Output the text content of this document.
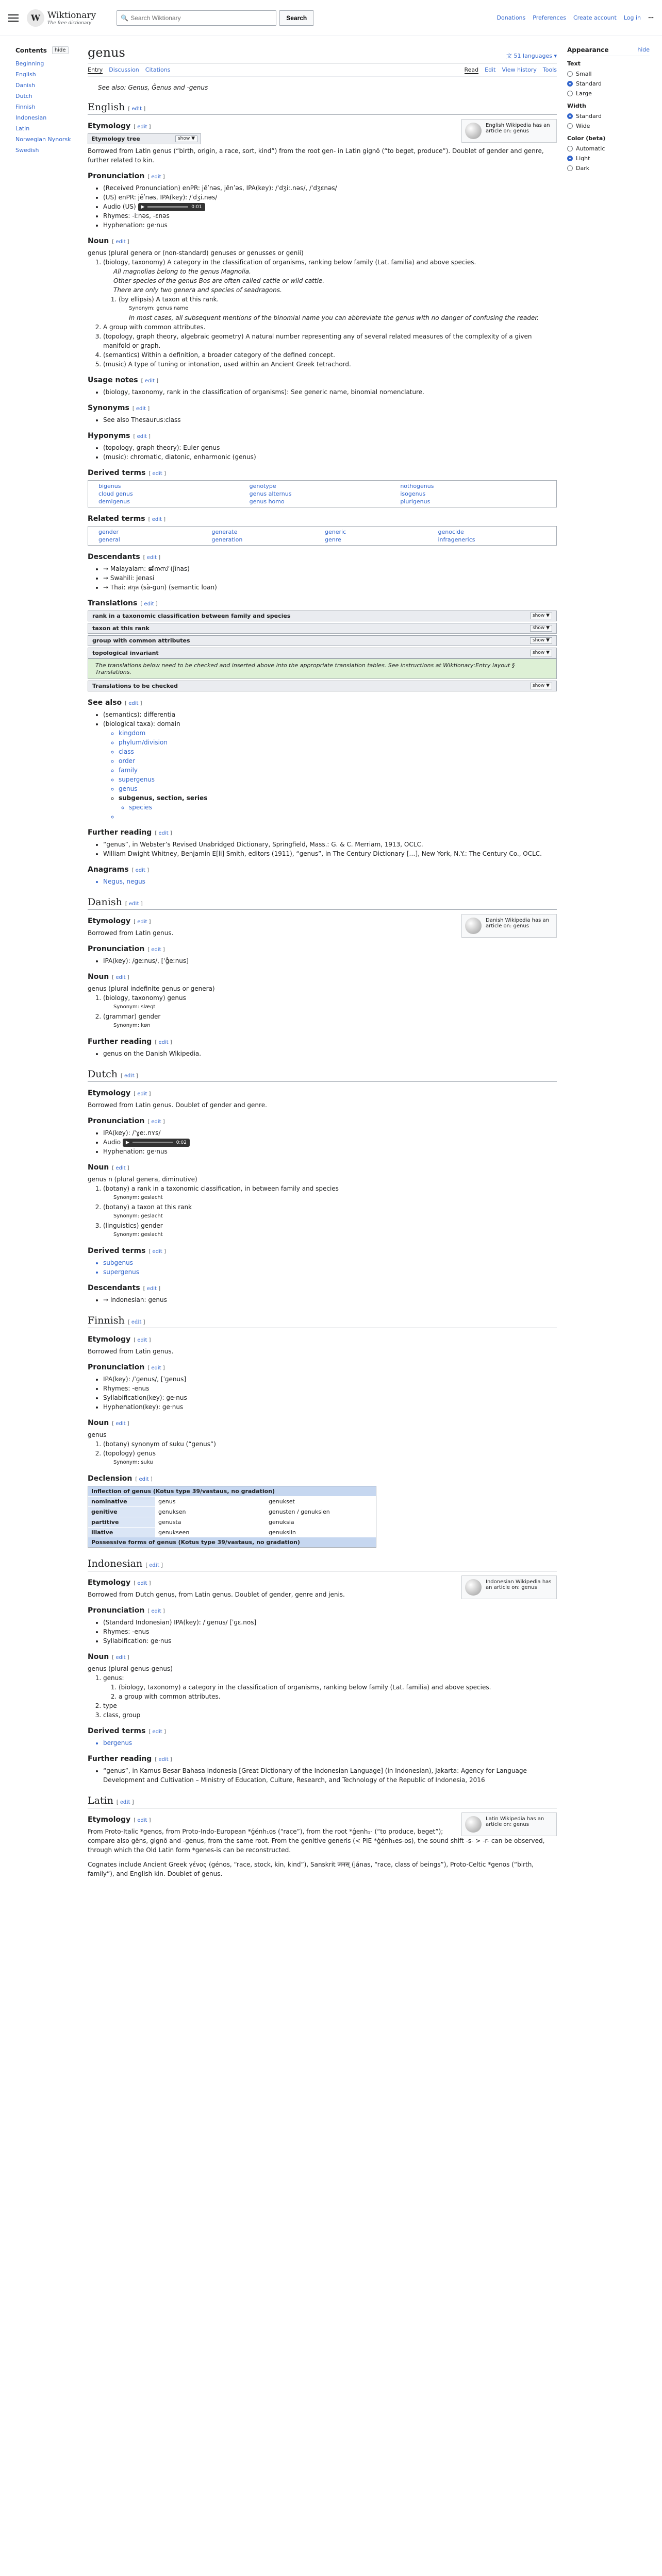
W Wiktionary
The free dictionary
🔍
Search Wiktionary	Search	Donations Preferences Create account Log in ⋯
Contents	hide
Beginning
English
Danish
Dutch
Finnish
Indonesian
Latin
Norwegian Nynorsk
Swedish
Appearance	hide
Text
Small
Standard
Large
Width
Standard
Wide
Color (beta)
Automatic
Light
Dark
genus	文 51 languages ▾
Entry Discussion Citations	Read Edit View history Tools
See also: Genus, Ĝenus and -genus
English [ edit ]
English Wikipedia has an article on: genus
Etymology [ edit ]
Etymology tree	show ▼

Borrowed from Latin genus (“birth, origin, a race, sort, kind”) from the root gen- in Latin gignō (“to beget, produce”). Doublet of gender and genre, further related to kin.

Pronunciation [ edit ]
• (Received Pronunciation) enPR: jēʹnəs, jĕnʹəs, IPA(key): /ˈdʒiː.nəs/, /ˈdʒɛnəs/
• (US) enPR: jēʹnəs, IPA(key): /ˈdʒi.nəs/
• Audio (US) ▶	0:01
• Rhymes: -iːnəs, -ɛnəs
• Hyphenation: ge‧nus
Noun [ edit ]

genus (plural genera or (non-standard) genuses or genusses or genii)

1. (biology, taxonomy) A category in the classification of organisms, ranking below family (Lat. familia) and above species.
All magnolias belong to the genus Magnolia.
Other species of the genus Bos are often called cattle or wild cattle.
There are only two genera and species of seadragons.
1. (by ellipsis) A taxon at this rank.
Synonym: genus name
In most cases, all subsequent mentions of the binomial name you can abbreviate the genus with no danger of confusing the reader.
2. A group with common attributes.
3. (topology, graph theory, algebraic geometry) A natural number representing any of several related measures of the complexity of a given manifold or graph.
4. (semantics) Within a definition, a broader category of the defined concept.
5. (music) A type of tuning or intonation, used within an Ancient Greek tetrachord.
Usage notes [ edit ]
• (biology, taxonomy, rank in the classification of organisms): See generic name, binomial nomenclature.
Synonyms [ edit ]
• See also Thesaurus:class
Hyponyms [ edit ]
• (topology, graph theory): Euler genus
• (music): chromatic, diatonic, enharmonic (genus)
Derived terms [ edit ]
bigenus	genotype	nothogenus
cloud genus	genus alternus	isogenus
demigenus	genus homo	plurigenus
Related terms [ edit ]
gender	generate	generic	genocide
general	generation	genre	infragenerics
Descendants [ edit ]
• → Malayalam: ജീനസ് (jīnas)
• → Swahili: jenasi
• → Thai: สกุล (sà-gun) (semantic loan)
Translations [ edit ]
rank in a taxonomic classification between family and species	show ▼
taxon at this rank	show ▼
group with common attributes	show ▼
topological invariant	show ▼
The translations below need to be checked and inserted above into the appropriate translation tables. See instructions at Wiktionary:Entry layout § Translations.
Translations to be checked	show ▼
See also [ edit ]
• (semantics): differentia
• (biological taxa): domain
◦ kingdom
◦ phylum/division
◦ class
◦ order
◦ family
◦ supergenus
◦ genus
◦ subgenus, section, series
◦ species
◦
Further reading [ edit ]
• “genus”, in Webster’s Revised Unabridged Dictionary, Springfield, Mass.: G. & C. Merriam, 1913, OCLC.
• William Dwight Whitney, Benjamin E[li] Smith, editors (1911), “genus”, in The Century Dictionary […], New York, N.Y.: The Century Co., OCLC.
Anagrams [ edit ]
• Negus, negus
Danish [ edit ]
Danish Wikipedia has an article on: genus
Etymology [ edit ]

Borrowed from Latin genus.

Pronunciation [ edit ]
• IPA(key): /ɡeːnus/, [ˈɡ̊eːnus]
Noun [ edit ]

genus (plural indefinite genus or genera)

1. (biology, taxonomy) genus
Synonym: slægt
2. (grammar) gender
Synonym: køn
Further reading [ edit ]
• genus on the Danish Wikipedia.
Dutch [ edit ]
Etymology [ edit ]

Borrowed from Latin genus. Doublet of gender and genre.

Pronunciation [ edit ]
• IPA(key): /ˈɣeː.nʏs/
• Audio ▶	0:02
• Hyphenation: ge‧nus
Noun [ edit ]

genus n (plural genera, diminutive)

1. (botany) a rank in a taxonomic classification, in between family and species
Synonym: geslacht
2. (botany) a taxon at this rank
Synonym: geslacht
3. (linguistics) gender
Synonym: geslacht
Derived terms [ edit ]
• subgenus
• supergenus
Descendants [ edit ]
• → Indonesian: genus
Finnish [ edit ]
Etymology [ edit ]

Borrowed from Latin genus.

Pronunciation [ edit ]
• IPA(key): /ˈɡenus/, [ˈɡenus]
• Rhymes: -enus
• Syllabification(key): ge‧nus
• Hyphenation(key): ge‧nus
Noun [ edit ]

genus

1. (botany) synonym of suku (“genus”)
2. (topology) genus
Synonym: suku
Declension [ edit ]
Inflection of genus (Kotus type 39/vastaus, no gradation)
nominative	genus	genukset
genitive	genuksen	genusten / genuksien
partitive	genusta	genuksia
illative	genukseen	genuksiin
Possessive forms of genus (Kotus type 39/vastaus, no gradation)
Indonesian [ edit ]
Indonesian Wikipedia has an article on: genus
Etymology [ edit ]

Borrowed from Dutch genus, from Latin genus. Doublet of gender, genre and jenis.

Pronunciation [ edit ]
• (Standard Indonesian) IPA(key): /ˈɡenus/ [ˈɡɛ.nʊs]
• Rhymes: -enus
• Syllabification: ge‧nus
Noun [ edit ]

genus (plural genus-genus)

1. genus:
1. (biology, taxonomy) a category in the classification of organisms, ranking below family (Lat. familia) and above species.
2. a group with common attributes.
2. type
3. class, group
Derived terms [ edit ]
• bergenus
Further reading [ edit ]
• “genus”, in Kamus Besar Bahasa Indonesia [Great Dictionary of the Indonesian Language] (in Indonesian), Jakarta: Agency for Language Development and Cultivation – Ministry of Education, Culture, Research, and Technology of the Republic of Indonesia, 2016
Latin [ edit ]
Latin Wikipedia has an article on: genus
Etymology [ edit ]

From Proto-Italic *genos, from Proto-Indo-European *ǵénh₁os (“race”), from the root *ǵenh₁- (“to produce, beget”); compare also gēns, gignō and -genus, from the same root. From the genitive generis (< PIE *ǵénh₁es-os), the sound shift -s- > -r- can be observed, through which the Old Latin form *genes-is can be reconstructed.

Cognates include Ancient Greek γένος (génos, “race, stock, kin, kind”), Sanskrit जनस् (jánas, “race, class of beings”), Proto-Celtic *genos (“birth, family”), and English kin. Doublet of genus.
